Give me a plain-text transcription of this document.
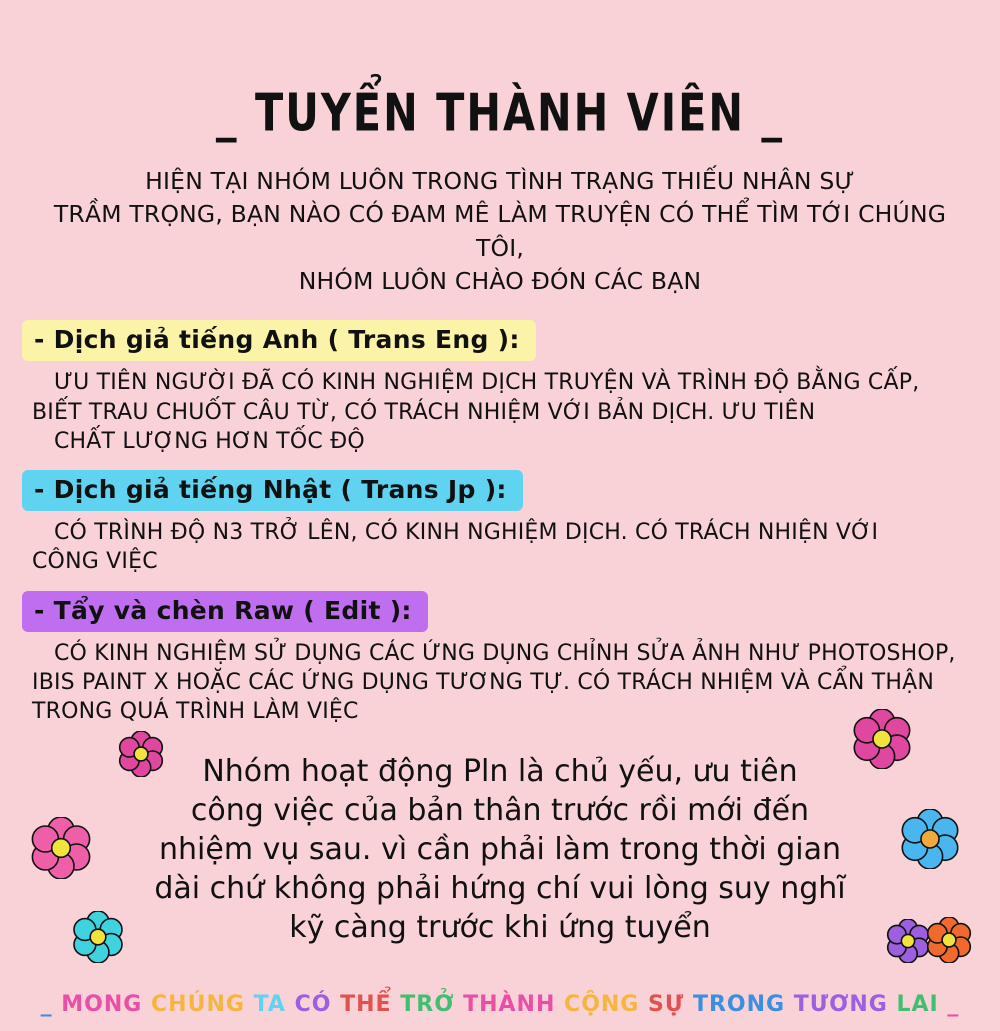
_ TUYỂN THÀNH VIÊN _
HIỆN TẠI NHÓM LUÔN TRONG TÌNH TRẠNG THIẾU NHÂN SỰ
TRẦM TRỌNG, BẠN NÀO CÓ ĐAM MÊ LÀM TRUYỆN CÓ THỂ TÌM TỚI CHÚNG TÔI,
NHÓM LUÔN CHÀO ĐÓN CÁC BẠN
- Dịch giả tiếng Anh ( Trans Eng ):
ƯU TIÊN NGƯỜI ĐÃ CÓ KINH NGHIỆM DỊCH TRUYỆN VÀ TRÌNH ĐỘ BẰNG CẤP,
BIẾT TRAU CHUỐT CÂU TỪ, CÓ TRÁCH NHIỆM VỚI BẢN DỊCH. ƯU TIÊN
CHẤT LƯỢNG HƠN TỐC ĐỘ
- Dịch giả tiếng Nhật ( Trans Jp ):
CÓ TRÌNH ĐỘ N3 TRỞ LÊN, CÓ KINH NGHIỆM DỊCH. CÓ TRÁCH NHIỆN VỚI
CÔNG VIỆC
- Tẩy và chèn Raw ( Edit ):
CÓ KINH NGHIỆM SỬ DỤNG CÁC ỨNG DỤNG CHỈNH SỬA ẢNH NHƯ PHOTOSHOP,
IBIS PAINT X HOẶC CÁC ỨNG DỤNG TƯƠNG TỰ. CÓ TRÁCH NHIỆM VÀ CẨN THẬN TRONG QUÁ TRÌNH LÀM VIỆC
Nhóm hoạt động Pln là chủ yếu, ưu tiên
công việc của bản thân trước rồi mới đến
nhiệm vụ sau. vì cần phải làm trong thời gian
dài chứ không phải hứng chí vui lòng suy nghĩ
kỹ càng trước khi ứng tuyển
_ MONG CHÚNG TA CÓ THỂ TRỞ THÀNH CỘNG SỰ TRONG TƯƠNG LAI _
